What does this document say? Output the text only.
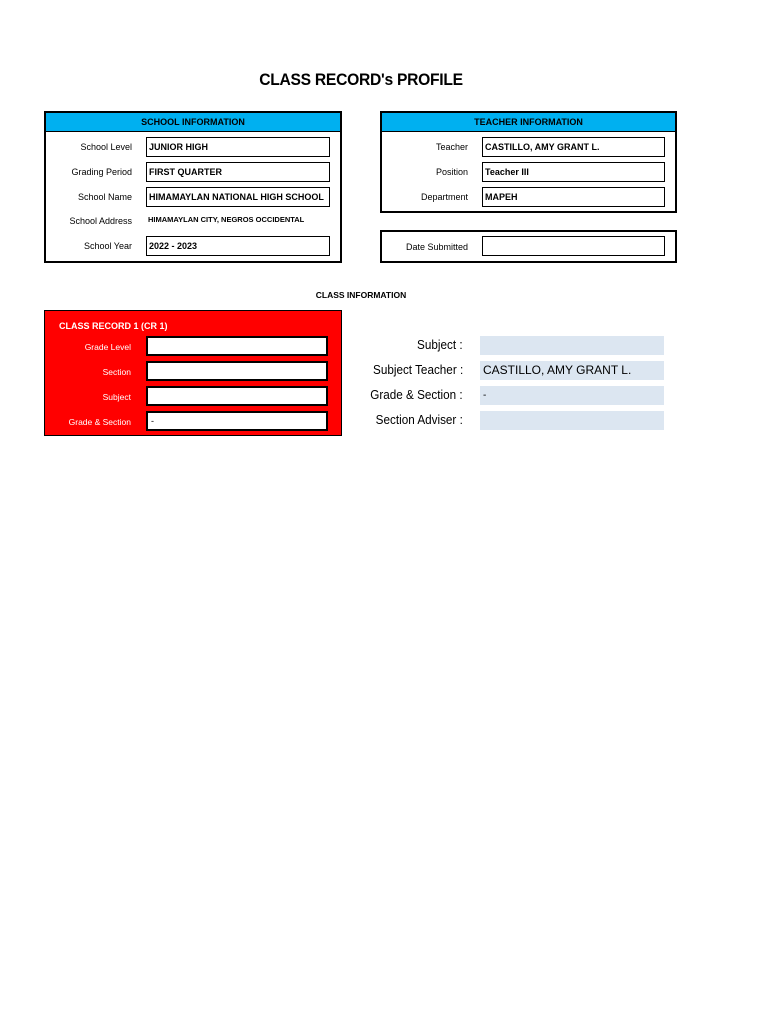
CLASS RECORD's PROFILE
SCHOOL INFORMATION
School Level	JUNIOR HIGH
Grading Period	FIRST QUARTER
School Name	HIMAMAYLAN NATIONAL HIGH SCHOOL
School Address HIMAMAYLAN CITY, NEGROS OCCIDENTAL
School Year	2022 - 2023
TEACHER INFORMATION
Teacher	CASTILLO, AMY GRANT L.
Position	Teacher III
Department	MAPEH
Date Submitted
CLASS INFORMATION
CLASS RECORD 1 (CR 1)
Grade Level
Section
Subject
Grade & Section	-
Subject :
Subject Teacher : CASTILLO, AMY GRANT L.
Grade & Section :	-
Section Adviser :
